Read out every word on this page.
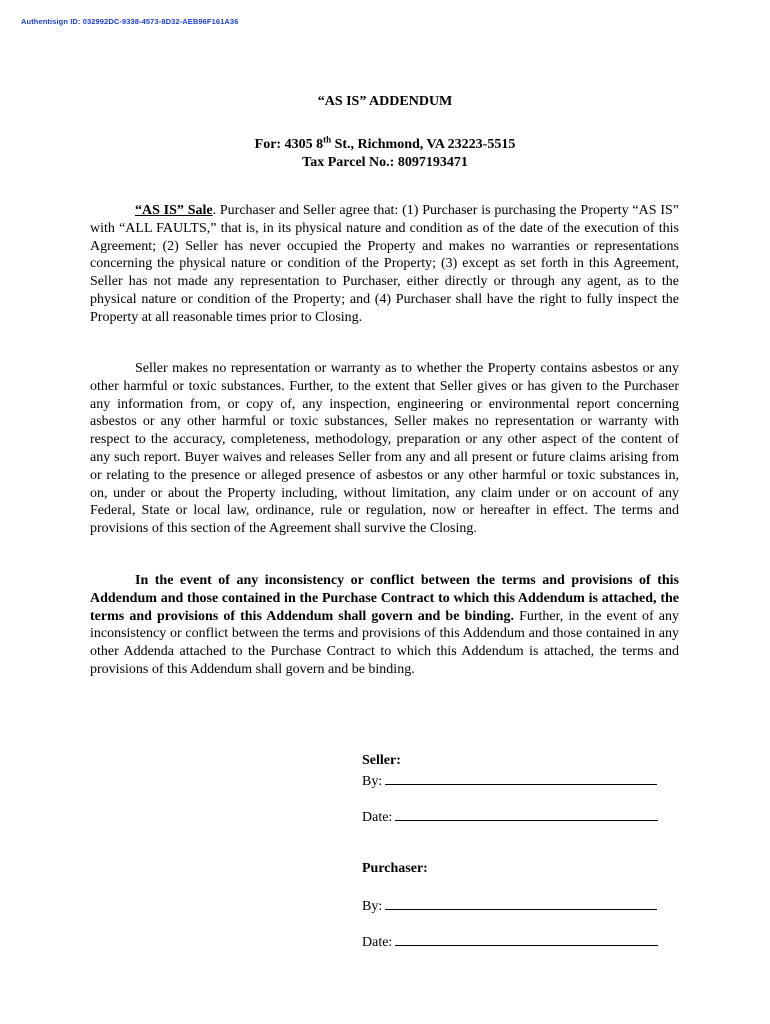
Authentisign ID: 032992DC-9338-4573-8D32-AEB96F161A36
“AS IS” ADDENDUM
For: 4305 8th St., Richmond, VA 23223-5515
Tax Parcel No.: 8097193471

“AS IS” Sale. Purchaser and Seller agree that: (1) Purchaser is purchasing the Property “AS IS” with “ALL FAULTS,” that is, in its physical nature and condition as of the date of the execution of this Agreement; (2) Seller has never occupied the Property and makes no warranties or representations concerning the physical nature or condition of the Property; (3) except as set forth in this Agreement, Seller has not made any representation to Purchaser, either directly or through any agent, as to the physical nature or condition of the Property; and (4) Purchaser shall have the right to fully inspect the Property at all reasonable times prior to Closing.

Seller makes no representation or warranty as to whether the Property contains asbestos or any other harmful or toxic substances. Further, to the extent that Seller gives or has given to the Purchaser any information from, or copy of, any inspection, engineering or environmental report concerning asbestos or any other harmful or toxic substances, Seller makes no representation or warranty with respect to the accuracy, completeness, methodology, preparation or any other aspect of the content of any such report. Buyer waives and releases Seller from any and all present or future claims arising from or relating to the presence or alleged presence of asbestos or any other harmful or toxic substances in, on, under or about the Property including, without limitation, any claim under or on account of any Federal, State or local law, ordinance, rule or regulation, now or hereafter in effect. The terms and provisions of this section of the Agreement shall survive the Closing.

In the event of any inconsistency or conflict between the terms and provisions of this Addendum and those contained in the Purchase Contract to which this Addendum is attached, the terms and provisions of this Addendum shall govern and be binding. Further, in the event of any inconsistency or conflict between the terms and provisions of this Addendum and those contained in any other Addenda attached to the Purchase Contract to which this Addendum is attached, the terms and provisions of this Addendum shall govern and be binding.

Seller:
By:
Date:
Purchaser:
By:
Date:
